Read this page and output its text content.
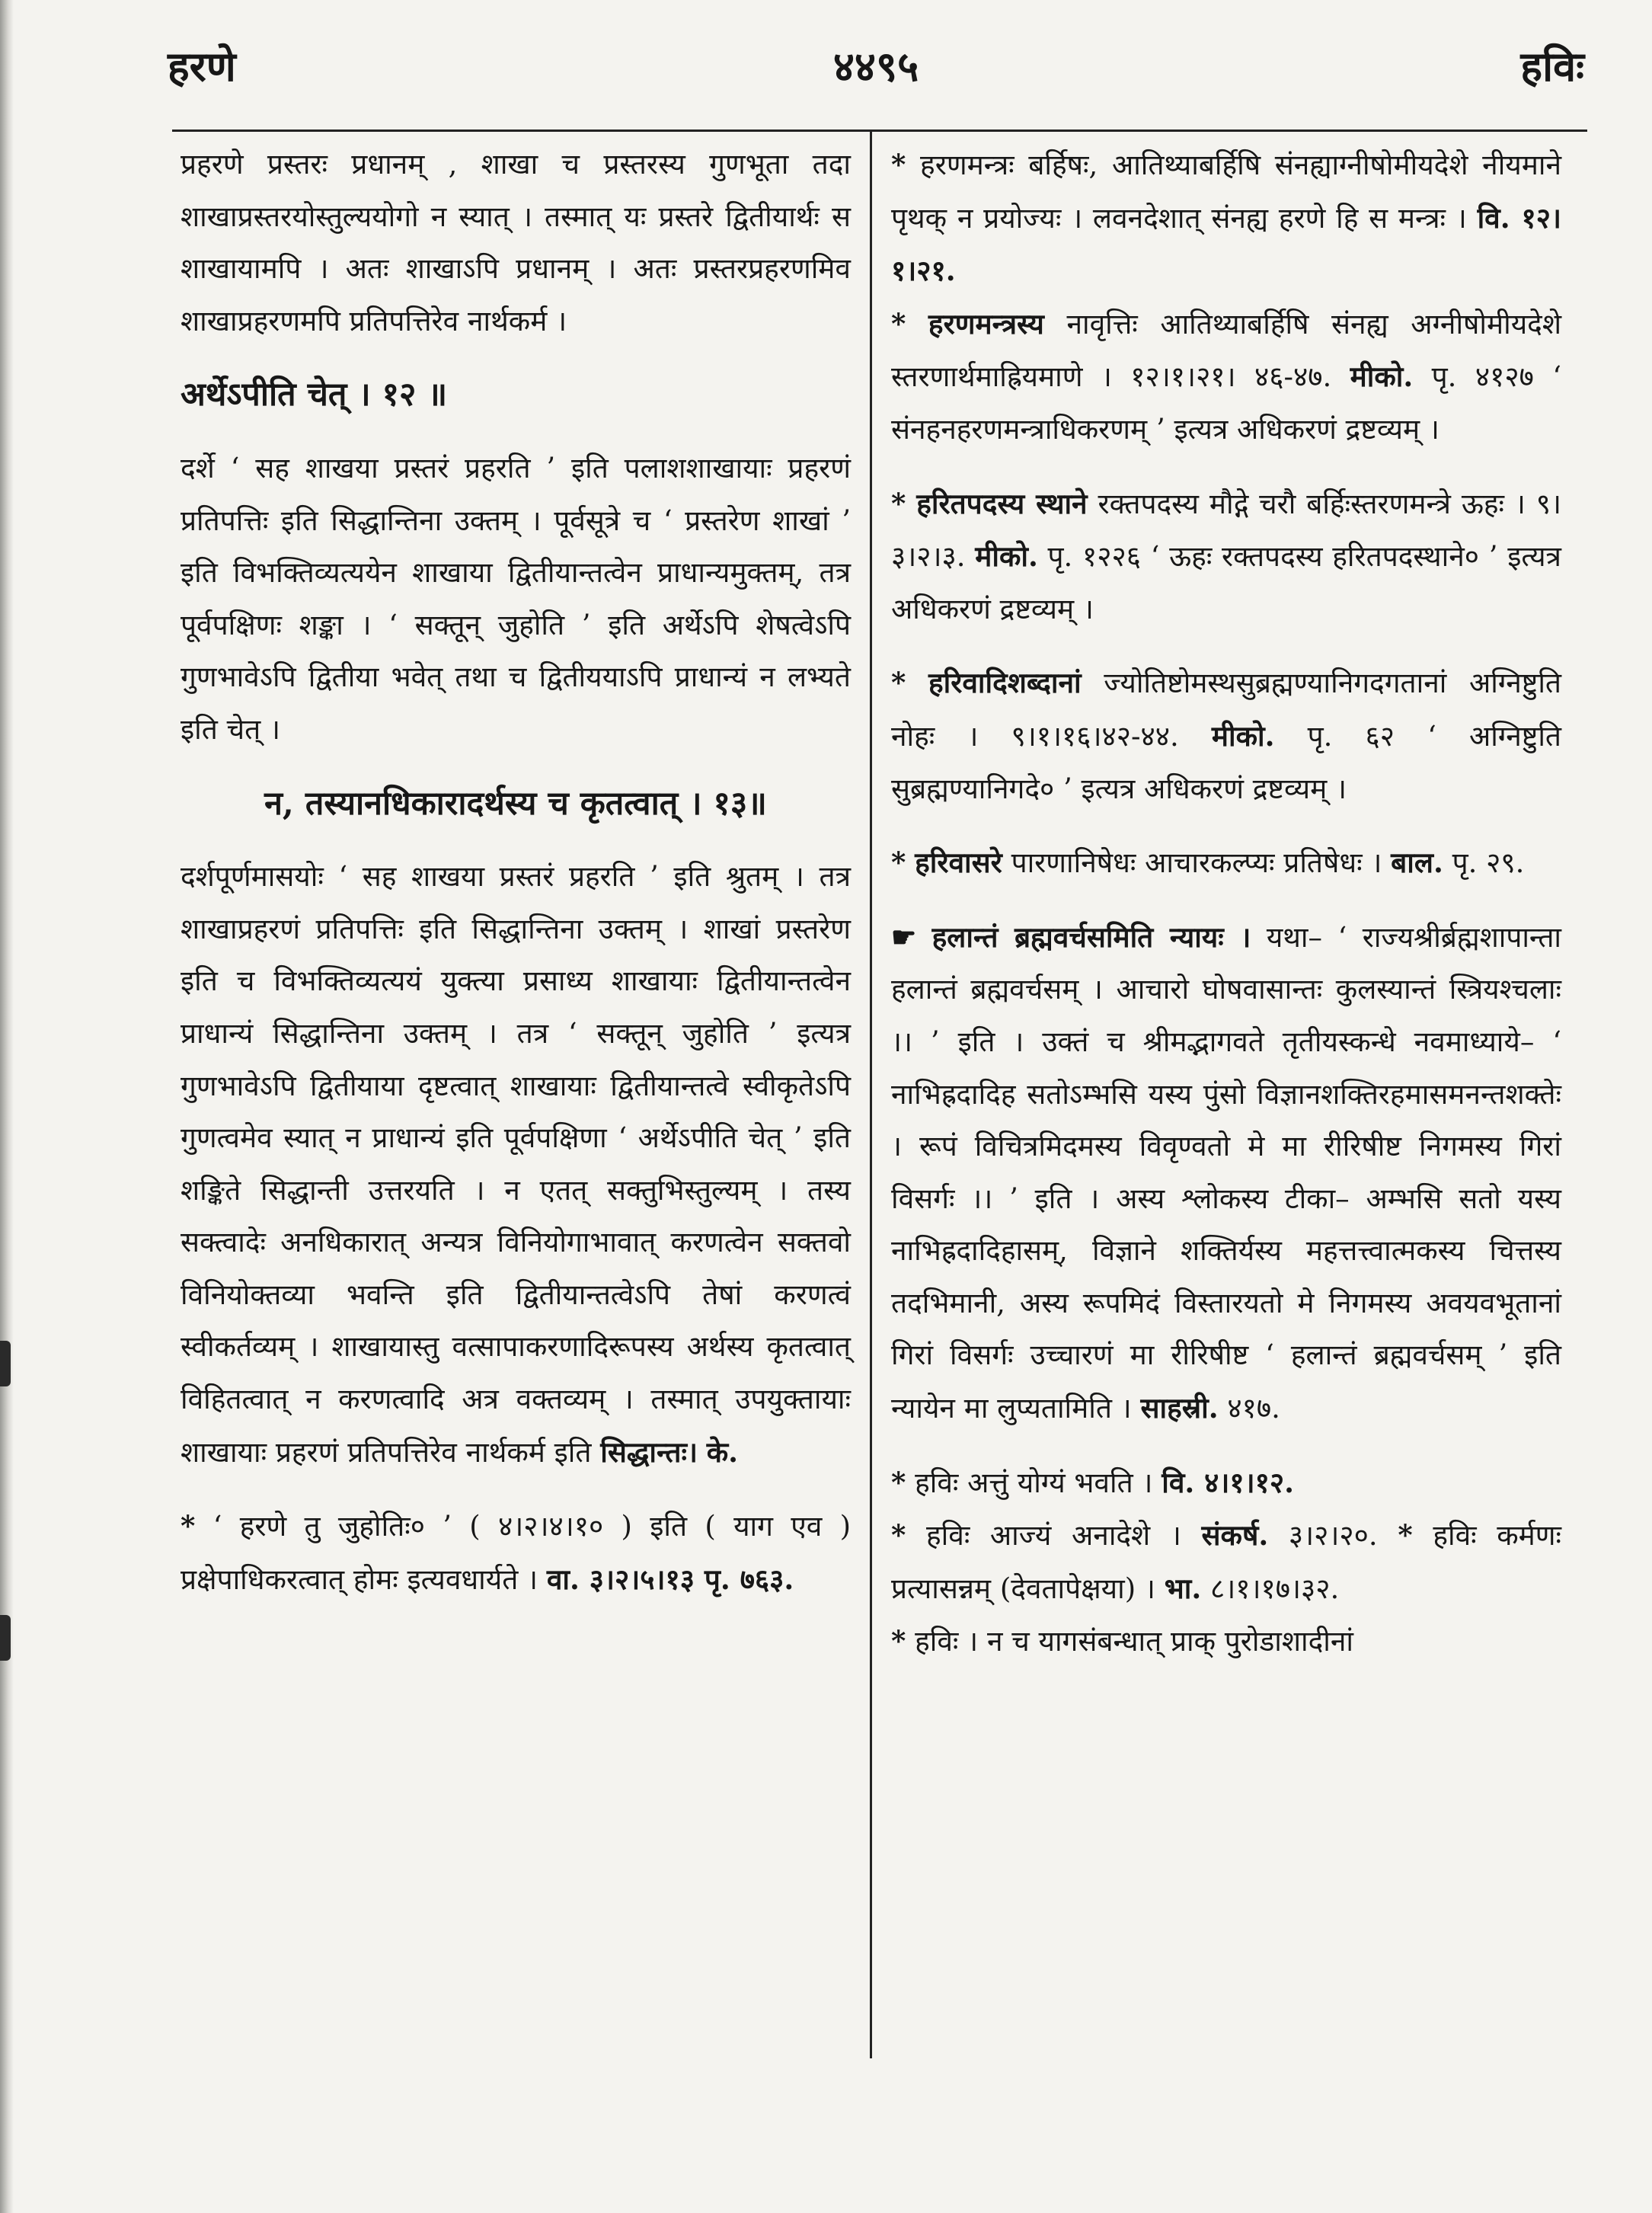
हरणे	४४९५	हविः

प्रहरणे प्रस्तरः प्रधानम् , शाखा च प्रस्तरस्य गुणभूता तदा शाखाप्रस्तरयोस्तुल्ययोगो न स्यात् । तस्मात् यः प्रस्तरे द्वितीयार्थः स शाखायामपि । अतः शाखाऽपि प्रधानम् । अतः प्रस्तरप्रहरणमिव शाखाप्रहरणमपि प्रतिपत्तिरेव नार्थकर्म ।

अर्थेऽपीति चेत् । १२ ॥

दर्शे ‘ सह शाखया प्रस्तरं प्रहरति ’ इति पलाशशाखायाः प्रहरणं प्रतिपत्तिः इति सिद्धान्तिना उक्तम् । पूर्वसूत्रे च ‘ प्रस्तरेण शाखां ’ इति विभक्तिव्यत्ययेन शाखाया द्वितीयान्तत्वेन प्राधान्यमुक्तम्, तत्र पूर्वपक्षिणः शङ्का । ‘ सक्तून् जुहोति ’ इति अर्थेऽपि शेषत्वेऽपि गुणभावेऽपि द्वितीया भवेत् तथा च द्वितीययाऽपि प्राधान्यं न लभ्यते इति चेत् ।

न, तस्यानधिकारादर्थस्य च कृतत्वात् । १३॥

दर्शपूर्णमासयोः ‘ सह शाखया प्रस्तरं प्रहरति ’ इति श्रुतम् । तत्र शाखाप्रहरणं प्रतिपत्तिः इति सिद्धान्तिना उक्तम् । शाखां प्रस्तरेण इति च विभक्तिव्यत्ययं युक्त्या प्रसाध्य शाखायाः द्वितीयान्तत्वेन प्राधान्यं सिद्धान्तिना उक्तम् । तत्र ‘ सक्तून् जुहोति ’ इत्यत्र गुणभावेऽपि द्वितीयाया दृष्टत्वात् शाखायाः द्वितीयान्तत्वे स्वीकृतेऽपि गुणत्वमेव स्यात् न प्राधान्यं इति पूर्वपक्षिणा ‘ अर्थेऽपीति चेत् ’ इति शङ्किते सिद्धान्ती उत्तरयति । न एतत् सक्तुभिस्तुल्यम् । तस्य सक्त्वादेः अनधिकारात् अन्यत्र विनियोगाभावात् करणत्वेन सक्तवो विनियोक्तव्या भवन्ति इति द्वितीयान्तत्वेऽपि तेषां करणत्वं स्वीकर्तव्यम् । शाखायास्तु वत्सापाकरणादिरूपस्य अर्थस्य कृतत्वात् विहितत्वात् न करणत्वादि अत्र वक्तव्यम् । तस्मात् उपयुक्तायाः शाखायाः प्रहरणं प्रतिपत्तिरेव नार्थकर्म इति सिद्धान्तः। के.

* ‘ हरणे तु जुहोतिः० ’ ( ४।२।४।१० ) इति ( याग एव ) प्रक्षेपाधिकरत्वात् होमः इत्यवधार्यते । वा. ३।२।५।१३ पृ. ७६३.

* हरणमन्त्रः बर्हिषः, आतिथ्याबर्हिषि संनह्याग्नीषोमीयदेशे नीयमाने पृथक् न प्रयोज्यः । लवनदेशात् संनह्य हरणे हि स मन्त्रः । वि. १२।१।२१.

* हरणमन्त्रस्य नावृत्तिः आतिथ्याबर्हिषि संनह्य अग्नीषोमीयदेशे स्तरणार्थमाह्रियमाणे । १२।१।२१। ४६-४७. मीको. पृ. ४१२७ ‘ संनहनहरणमन्त्राधिकरणम् ’ इत्यत्र अधिकरणं द्रष्टव्यम् ।

* हरितपदस्य स्थाने रक्तपदस्य मौद्गे चरौ बर्हिःस्तरणमन्त्रे ऊहः । ९।३।२।३. मीको. पृ. १२२६ ‘ ऊहः रक्तपदस्य हरितपदस्थाने० ’ इत्यत्र अधिकरणं द्रष्टव्यम् ।

* हरिवादिशब्दानां ज्योतिष्टोमस्थसुब्रह्मण्यानिगदगतानां अग्निष्टुति नोहः । ९।१।१६।४२-४४. मीको. पृ. ६२ ‘ अग्निष्टुति सुब्रह्मण्यानिगदे० ’ इत्यत्र अधिकरणं द्रष्टव्यम् ।

* हरिवासरे पारणानिषेधः आचारकल्प्यः प्रतिषेधः । बाल. पृ. २९.

☛ हलान्तं ब्रह्मवर्चसमिति न्यायः । यथा– ‘ राज्यश्रीर्ब्रह्मशापान्ता हलान्तं ब्रह्मवर्चसम् । आचारो घोषवासान्तः कुलस्यान्तं स्त्रियश्चलाः ।। ’ इति । उक्तं च श्रीमद्भागवते तृतीयस्कन्धे नवमाध्याये– ‘ नाभिह्रदादिह सतोऽम्भसि यस्य पुंसो विज्ञानशक्तिरहमासमनन्तशक्तेः । रूपं विचित्रमिदमस्य विवृण्वतो मे मा रीरिषीष्ट निगमस्य गिरां विसर्गः ।। ’ इति । अस्य श्लोकस्य टीका– अम्भसि सतो यस्य नाभिह्रदादिहासम्, विज्ञाने शक्तिर्यस्य महत्तत्त्वात्मकस्य चित्तस्य तदभिमानी, अस्य रूपमिदं विस्तारयतो मे निगमस्य अवयवभूतानां गिरां विसर्गः उच्चारणं मा रीरिषीष्ट ‘ हलान्तं ब्रह्मवर्चसम् ’ इति न्यायेन मा लुप्यतामिति । साहस्री. ४१७.

* हविः अत्तुं योग्यं भवति । वि. ४।१।१२.

* हविः आज्यं अनादेशे । संकर्ष. ३।२।२०. * हविः कर्मणः प्रत्यासन्नम् (देवतापेक्षया) । भा. ८।१।१७।३२.

* हविः । न च यागसंबन्धात् प्राक् पुरोडाशादीनां
